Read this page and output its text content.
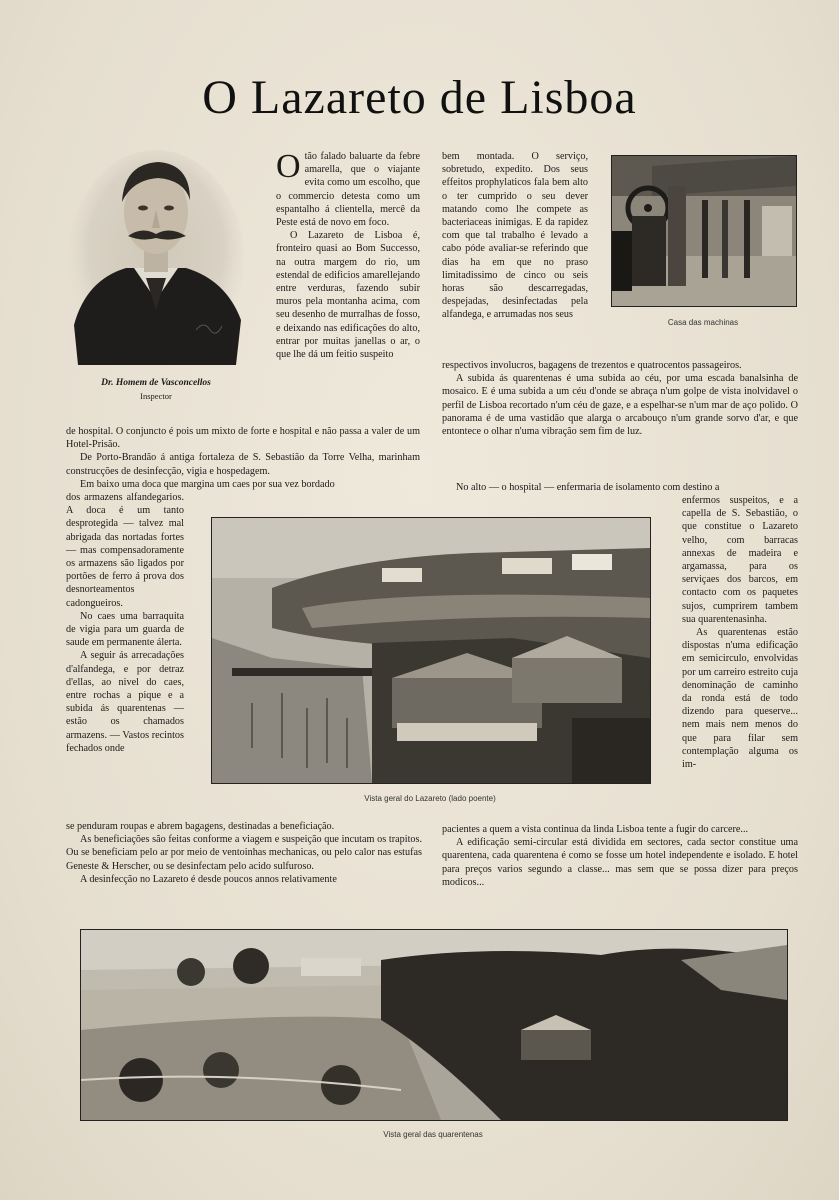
O Lazareto de Lisboa
Dr. Homem de Vasconcellos
Inspector
O tão falado baluarte da febre amarella, que o viajante evita como um escolho, que o commercio detesta como um espantalho á clientella, mercê da Peste está de novo em foco.

O Lazareto de Lisboa é, fronteiro quasi ao Bom Successo, na outra margem do rio, um estendal de edificios amarellejando entre verduras, fazendo subir muros pela montanha acima, com seu desenho de murralhas de fosso, e deixando nas edificações do alto, entrar por muitas janellas o ar, o que lhe dá um feitio suspeito

de hospital. O conjuncto é pois um mixto de forte e hospital e não passa a valer de um Hotel-Prisão.

De Porto-Brandão á antiga fortaleza de S. Sebastião da Torre Velha, marinham construcções de desinfecção, vigia e hospedagem.

Em baixo uma doca que margina um caes por sua vez bordado

bem montada. O serviço, sobretudo, expedito. Dos seus effeitos prophylaticos fala bem alto o ter cumprido o seu dever matando como lhe compete as bacteriaceas inimigas. E da rapidez com que tal trabalho é levado a cabo póde avaliar-se referindo que dias ha em que no praso limitadissimo de cinco ou seis horas são descarregadas, despejadas, desinfectadas pela alfandega, e arrumadas nos seus

Casa das machinas

respectivos involucros, bagagens de trezentos e quatrocentos passageiros.

A subida ás quarentenas é uma subida ao céu, por uma escada banalsinha de mosaico. E é uma subida a um céu d'onde se abraça n'um golpe de vista inolvidavel o perfil de Lisboa recortado n'um céu de gaze, e a espelhar-se n'um mar de aço polido. O panorama é de uma vastidão que alarga o arcabouço n'um grande sorvo d'ar, e que entontece o olhar n'uma vibração sem fim de luz.

No alto — o hospital — enfermaria de isolamento com destino a

dos armazens alfandegarios. A doca é um tanto desprotegida — talvez mal abrigada das nortadas fortes — mas compensadoramente os armazens são ligados por portões de ferro á prova dos desnorteamentos cadongueiros.

No caes uma barraquita de vigia para um guarda de saude em permanente álerta.

A seguir ás arrecadações d'alfandega, e por detraz d'ellas, ao nivel do caes, entre rochas a pique e a subida ás quarentenas — estão os chamados armazens. — Vastos recintos fechados onde

enfermos suspeitos, e a capella de S. Sebastião, o que constitue o Lazareto velho, com barracas annexas de madeira e argamassa, para os serviçaes dos barcos, em contacto com os paquetes sujos, cumprirem tambem sua quarentenasinha.

As quarentenas estão dispostas n'uma edificação em semicirculo, envolvidas por um carreiro estreito cuja denominação de caminho da ronda está de todo dizendo para queserve... nem mais nem menos do que para filar sem contemplação alguma os im-

Vista geral do Lazareto (lado poente)

se penduram roupas e abrem bagagens, destinadas a beneficiação.

As beneficiações são feitas conforme a viagem e suspeição que incutam os trapitos. Ou se beneficiam pelo ar por meio de ventoinhas mechanicas, ou pelo calor nas estufas Geneste & Herscher, ou se desinfectam pelo acido sulfuroso.

A desinfecção no Lazareto é desde poucos annos relativamente

pacientes a quem a vista continua da linda Lisboa tente a fugir do carcere...

A edificação semi-circular está dividida em sectores, cada sector constitue uma quarentena, cada quarentena é como se fosse um hotel independente e isolado. E hotel para preços varios segundo a classe... mas sem que se possa dizer para preços modicos...

Vista geral das quarentenas
